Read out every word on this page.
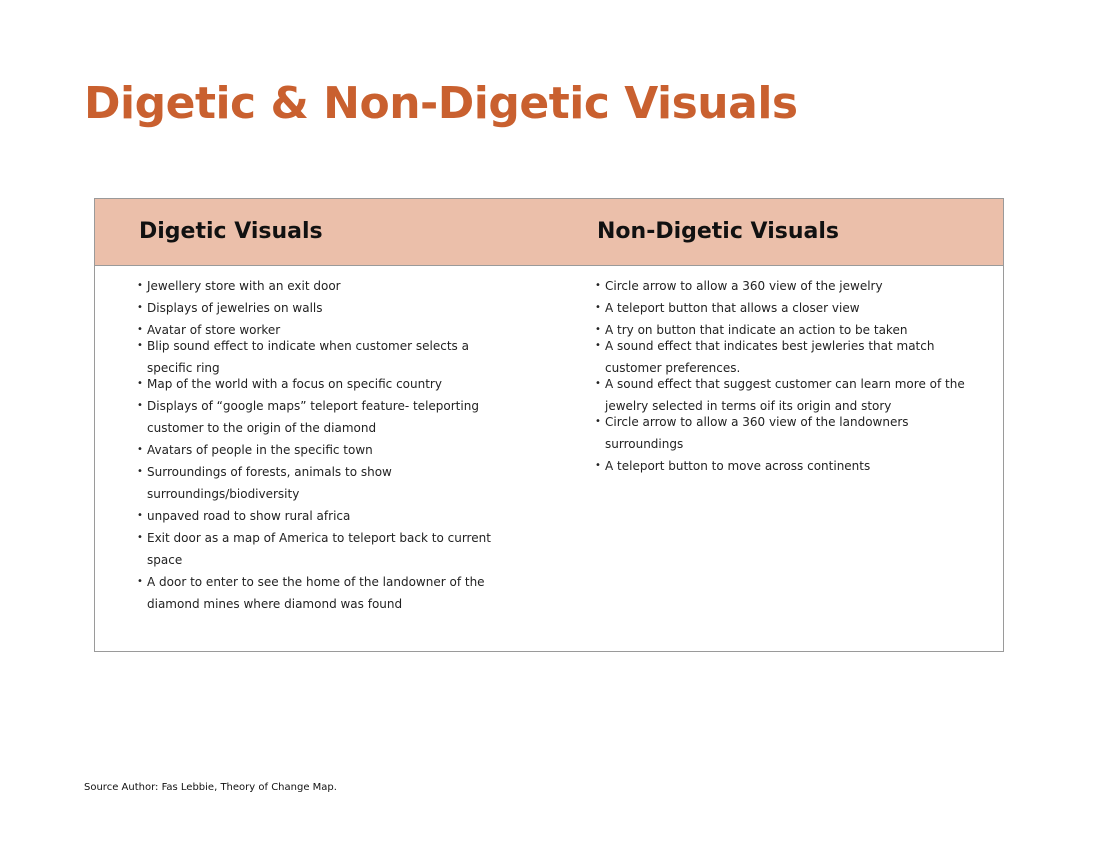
Digetic & Non-Digetic Visuals
Digetic Visuals	Non-Digetic Visuals
• Jewellery store with an exit door
• Displays of jewelries on walls
• Avatar of store worker
• Blip sound effect to indicate when customer selects a specific ring
• Map of the world with a focus on specific country
• Displays of “google maps” teleport feature- teleporting customer to the origin of the diamond
• Avatars of people in the specific town
• Surroundings of forests, animals to show surroundings/biodiversity
• unpaved road to show rural africa
• Exit door as a map of America to teleport back to current space
• A door to enter to see the home of the landowner of the diamond mines where diamond was found
• Circle arrow to allow a 360 view of the jewelry
• A teleport button that allows a closer view
• A try on button that indicate an action to be taken
• A sound effect that indicates best jewleries that match customer preferences.
• A sound effect that suggest customer can learn more of the jewelry selected in terms oif its origin and story
• Circle arrow to allow a 360 view of the landowners surroundings
• A teleport button to move across continents

Source Author: Fas Lebbie, Theory of Change Map.
